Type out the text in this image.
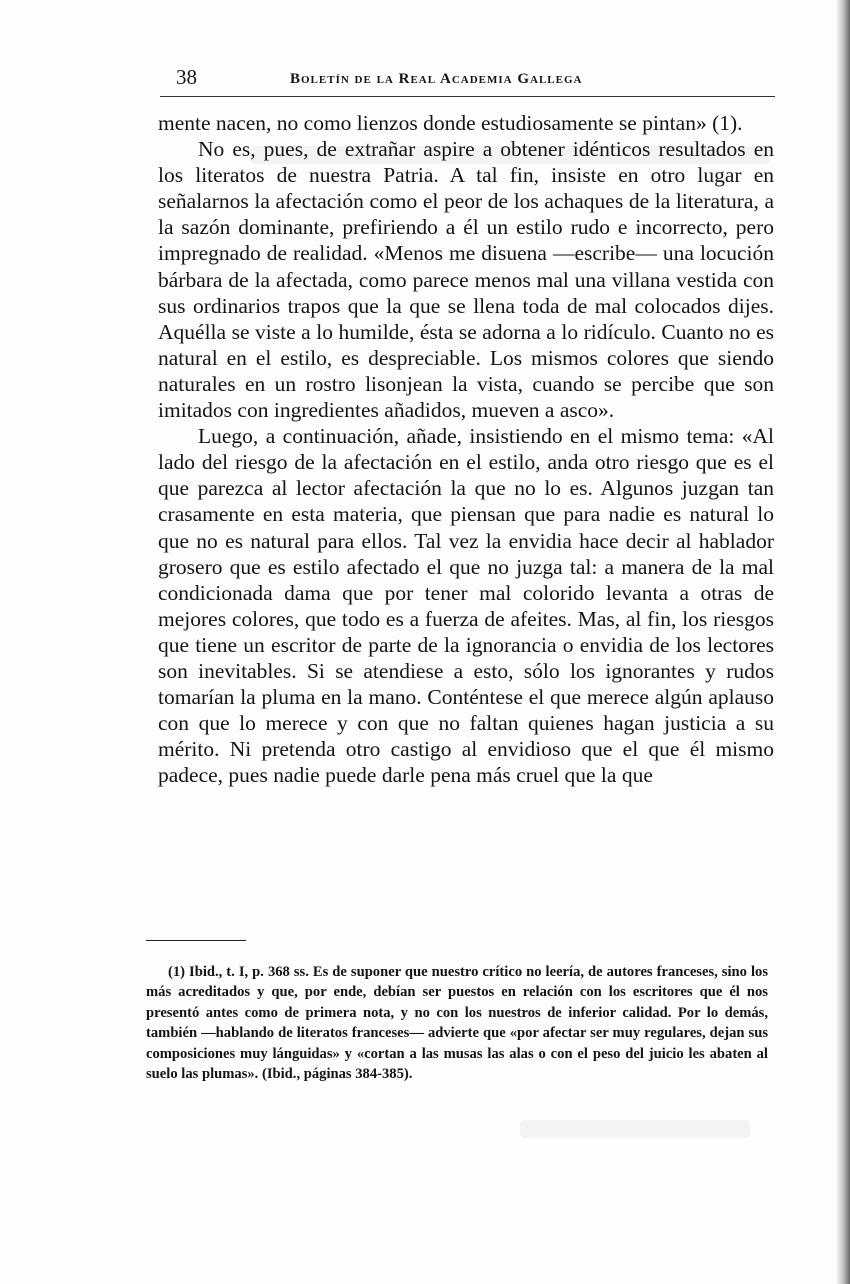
38	Boletín de la Real Academia Gallega

mente nacen, no como lienzos donde estudiosamente se pintan» (1).

No es, pues, de extrañar aspire a obtener idénticos resultados en los literatos de nuestra Patria. A tal fin, insiste en otro lugar en señalarnos la afectación como el peor de los achaques de la literatura, a la sazón dominante, prefiriendo a él un estilo rudo e incorrecto, pero impregnado de realidad. «Menos me disuena —escribe— una locución bárbara de la afectada, como parece menos mal una villana vestida con sus ordinarios trapos que la que se llena toda de mal colocados dijes. Aquélla se viste a lo humilde, ésta se adorna a lo ridículo. Cuanto no es natural en el estilo, es despreciable. Los mismos colores que siendo naturales en un rostro lisonjean la vista, cuando se percibe que son imitados con ingredientes añadidos, mueven a asco».

Luego, a continuación, añade, insistiendo en el mismo tema: «Al lado del riesgo de la afectación en el estilo, anda otro riesgo que es el que parezca al lector afectación la que no lo es. Algunos juzgan tan crasamente en esta materia, que piensan que para nadie es natural lo que no es natural para ellos. Tal vez la envidia hace decir al hablador grosero que es estilo afectado el que no juzga tal: a manera de la mal condicionada dama que por tener mal colorido levanta a otras de mejores colores, que todo es a fuerza de afeites. Mas, al fin, los riesgos que tiene un escritor de parte de la ignorancia o envidia de los lectores son inevitables. Si se atendiese a esto, sólo los ignorantes y rudos tomarían la pluma en la mano. Conténtese el que merece algún aplauso con que lo merece y con que no faltan quienes hagan justicia a su mérito. Ni pretenda otro castigo al envidioso que el que él mismo padece, pues nadie puede darle pena más cruel que la que

(1) Ibid., t. I, p. 368 ss. Es de suponer que nuestro crítico no leería, de autores franceses, sino los más acreditados y que, por ende, debían ser puestos en relación con los escritores que él nos presentó antes como de primera nota, y no con los nuestros de inferior calidad. Por lo demás, también —hablando de literatos franceses— advierte que «por afectar ser muy regulares, dejan sus composiciones muy lánguidas» y «cortan a las musas las alas o con el peso del juicio les abaten al suelo las plumas». (Ibid., páginas 384-385).
